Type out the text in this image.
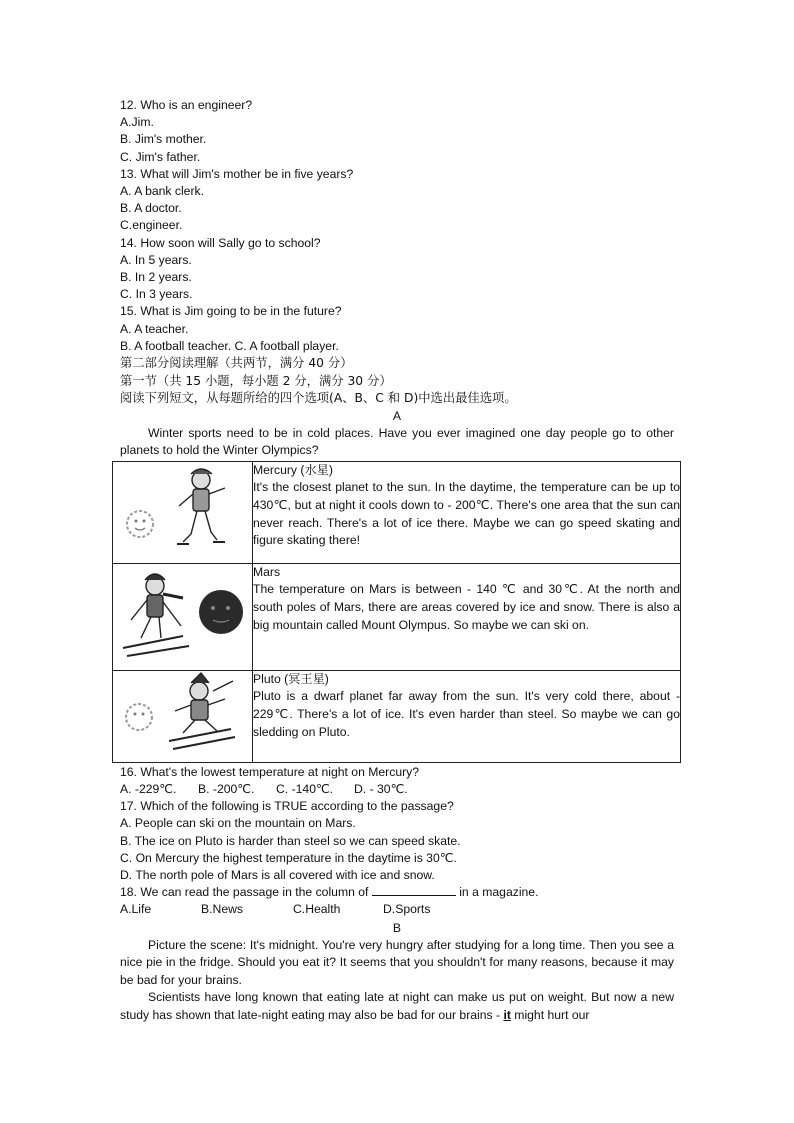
12. Who is an engineer?
A.Jim.
B. Jim's mother.
C. Jim's father.
13. What will Jim's mother be in five years?
A. A bank clerk.
B. A doctor.
C.engineer.
14. How soon will Sally go to school?
A. In 5 years.
B. In 2 years.
C. In 3 years.
15. What is Jim going to be in the future?
A. A teacher.
B. A football teacher. C. A football player.
第二部分阅读理解（共两节，满分 40 分）
第一节（共 15 小题，每小题 2 分，满分 30 分）
阅读下列短文，从每题所给的四个选项(A、B、C 和 D)中选出最佳选项。
A
Winter sports need to be in cold places. Have you ever imagined one day people go to other planets to hold the Winter Olympics?

Mercury (水星)
It's the closest planet to the sun. In the daytime, the temperature can be up to 430℃, but at night it cools down to - 200℃. There's one area that the sun can never reach. There's a lot of ice there. Maybe we can go speed skating and figure skating there!

Mars
The temperature on Mars is between - 140 ℃ and 30℃. At the north and south poles of Mars, there are areas covered by ice and snow. There is also a big mountain called Mount Olympus. So maybe we can ski on.

Pluto (冥王星)
Pluto is a dwarf planet far away from the sun. It's very cold there, about - 229℃. There's a lot of ice. It's even harder than steel. So maybe we can go sledding on Pluto.
16. What's the lowest temperature at night on Mercury?
A. -229℃.	B. -200℃.	C. -140℃.	D. - 30℃.
17. Which of the following is TRUE according to the passage?
A. People can ski on the mountain on Mars.
B. The ice on Pluto is harder than steel so we can speed skate.
C. On Mercury the highest temperature in the daytime is 30℃.
D. The north pole of Mars is all covered with ice and snow.
18. We can read the passage in the column of	in a magazine.
A.Life	B.News	C.Health	D.Sports
B
Picture the scene: It's midnight. You're very hungry after studying for a long time. Then you see a nice pie in the fridge. Should you eat it? It seems that you shouldn't for many reasons, because it may be bad for your brains.
Scientists have long known that eating late at night can make us put on weight. But now a new study has shown that late-night eating may also be bad for our brains - it might hurt our
